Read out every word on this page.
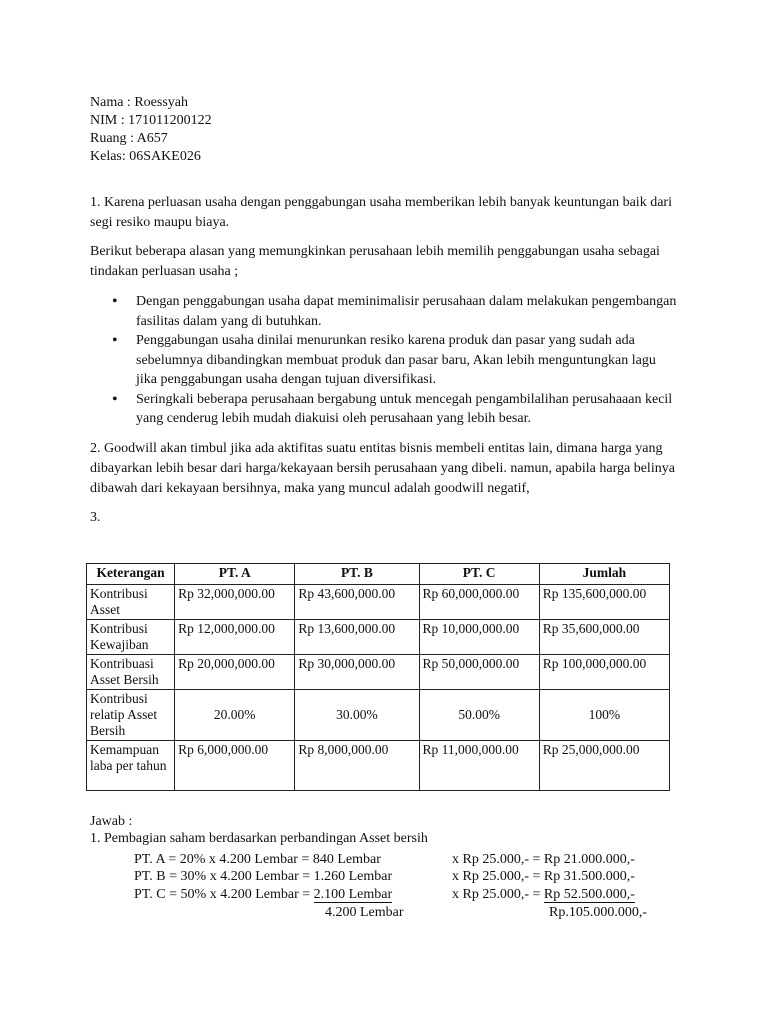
Nama : Roessyah
NIM : 171011200122
Ruang : A657
Kelas: 06SAKE026
1. Karena perluasan usaha dengan penggabungan usaha memberikan lebih banyak keuntungan baik dari segi resiko maupu biaya.
Berikut beberapa alasan yang memungkinkan perusahaan lebih memilih penggabungan usaha sebagai tindakan perluasan usaha ;
• Dengan penggabungan usaha dapat meminimalisir perusahaan dalam melakukan pengembangan fasilitas dalam yang di butuhkan.
• Penggabungan usaha dinilai menurunkan resiko karena produk dan pasar yang sudah ada sebelumnya dibandingkan membuat produk dan pasar baru, Akan lebih menguntungkan lagu jika penggabungan usaha dengan tujuan diversifikasi.
• Seringkali beberapa perusahaan bergabung untuk mencegah pengambilalihan perusahaaan kecil yang cenderug lebih mudah diakuisi oleh perusahaan yang lebih besar.
2. Goodwill akan timbul jika ada aktifitas suatu entitas bisnis membeli entitas lain, dimana harga yang dibayarkan lebih besar dari harga/kekayaan bersih perusahaan yang dibeli. namun, apabila harga belinya dibawah dari kekayaan bersihnya, maka yang muncul adalah goodwill negatif,
3.
Keterangan	PT. A	PT. B	PT. C	Jumlah
Kontribusi Asset	Rp 32,000,000.00	Rp 43,600,000.00	Rp 60,000,000.00	Rp 135,600,000.00
Kontribusi Kewajiban	Rp 12,000,000.00	Rp 13,600,000.00	Rp 10,000,000.00	Rp 35,600,000.00
Kontribuasi Asset Bersih	Rp 20,000,000.00	Rp 30,000,000.00	Rp 50,000,000.00	Rp 100,000,000.00
Kontribusi relatip Asset Bersih	20.00%	30.00%	50.00%	100%
Kemampuan laba per tahun	Rp 6,000,000.00	Rp 8,000,000.00	Rp 11,000,000.00	Rp 25,000,000.00
Jawab :
1. Pembagian saham berdasarkan perbandingan Asset bersih
PT. A = 20% x 4.200 Lembar = 840 Lembar	x Rp 25.000,- = Rp 21.000.000,-
PT. B = 30% x 4.200 Lembar = 1.260 Lembar	x Rp 25.000,- = Rp 31.500.000,-
PT. C = 50% x 4.200 Lembar = 2.100 Lembar	x Rp 25.000,- = Rp 52.500.000,-
4.200 Lembar	Rp.105.000.000,-
